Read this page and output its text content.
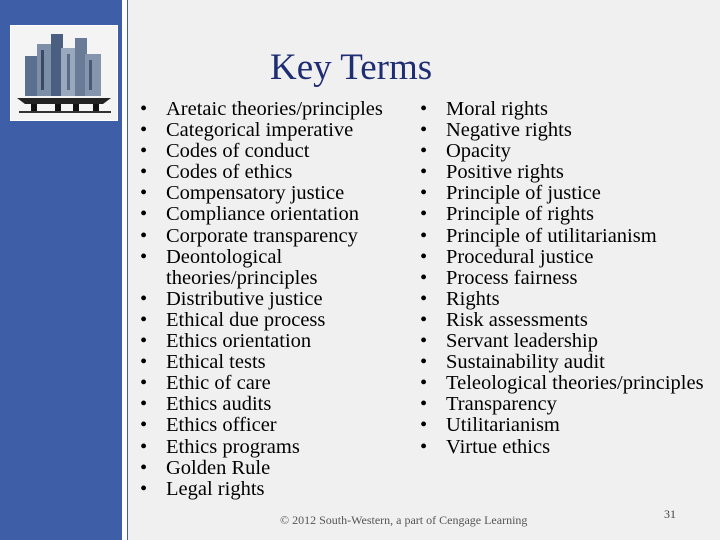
Key Terms
• Aretaic theories/principles
• Categorical imperative
• Codes of conduct
• Codes of ethics
• Compensatory justice
• Compliance orientation
• Corporate transparency
• Deontological theories/principles
• Distributive justice
• Ethical due process
• Ethics orientation
• Ethical tests
• Ethic of care
• Ethics audits
• Ethics officer
• Ethics programs
• Golden Rule
• Legal rights
• Moral rights
• Negative rights
• Opacity
• Positive rights
• Principle of justice
• Principle of rights
• Principle of utilitarianism
• Procedural justice
• Process fairness
• Rights
• Risk assessments
• Servant leadership
• Sustainability audit
• Teleological theories/principles
• Transparency
• Utilitarianism
• Virtue ethics
© 2012 South-Western, a part of Cengage Learning	31
